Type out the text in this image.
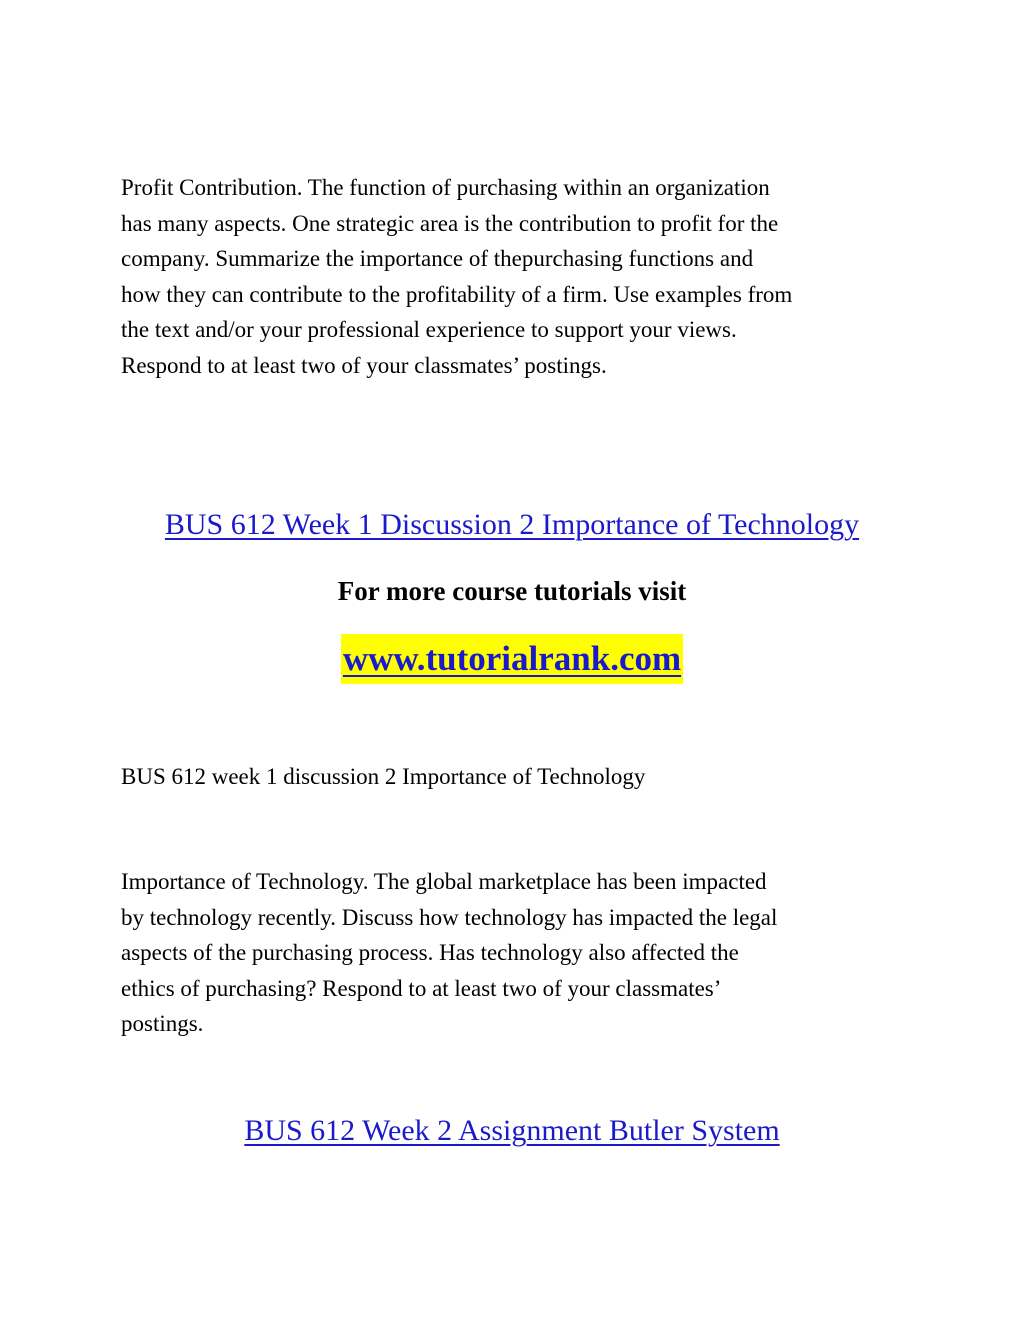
Profit Contribution. The function of purchasing within an organization
has many aspects. One strategic area is the contribution to profit for the
company. Summarize the importance of thepurchasing functions and
how they can contribute to the profitability of a firm. Use examples from
the text and/or your professional experience to support your views.
Respond to at least two of your classmates’ postings.

BUS 612 Week 1 Discussion 2 Importance of Technology

For more course tutorials visit

www.tutorialrank.com

BUS 612 week 1 discussion 2 Importance of Technology

Importance of Technology. The global marketplace has been impacted
by technology recently. Discuss how technology has impacted the legal
aspects of the purchasing process. Has technology also affected the
ethics of purchasing? Respond to at least two of your classmates’
postings.

BUS 612 Week 2 Assignment Butler System
